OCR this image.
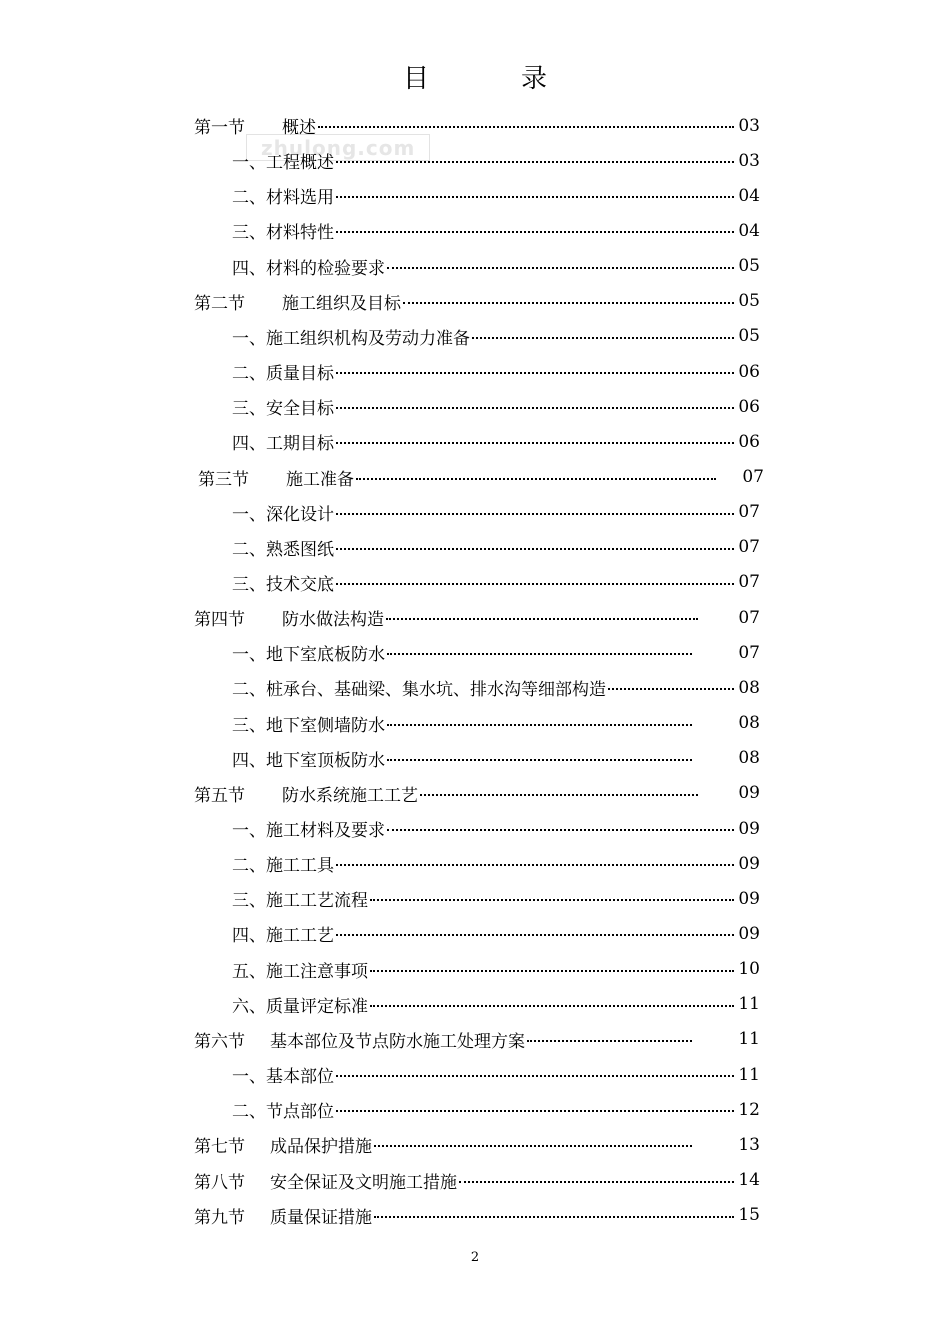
目	录
zhulong.com
第一节 概述	03
一、工程概述	03
二、材料选用	04
三、材料特性	04
四、材料的检验要求	05
第二节 施工组织及目标	05
一、施工组织机构及劳动力准备	05
二、质量目标	06
三、安全目标	06
四、工期目标	06
第三节 施工准备	07
一、深化设计	07
二、熟悉图纸	07
三、技术交底	07
第四节 防水做法构造	07
一、地下室底板防水	07
二、桩承台、基础梁、集水坑、排水沟等细部构造	08
三、地下室侧墙防水	08
四、地下室顶板防水	08
第五节 防水系统施工工艺	09
一、施工材料及要求	09
二、施工工具	09
三、施工工艺流程	09
四、施工工艺	09
五、施工注意事项	10
六、质量评定标准	11
第六节 基本部位及节点防水施工处理方案	11
一、基本部位	11
二、节点部位	12
第七节 成品保护措施	13
第八节 安全保证及文明施工措施	14
第九节 质量保证措施	15
2
